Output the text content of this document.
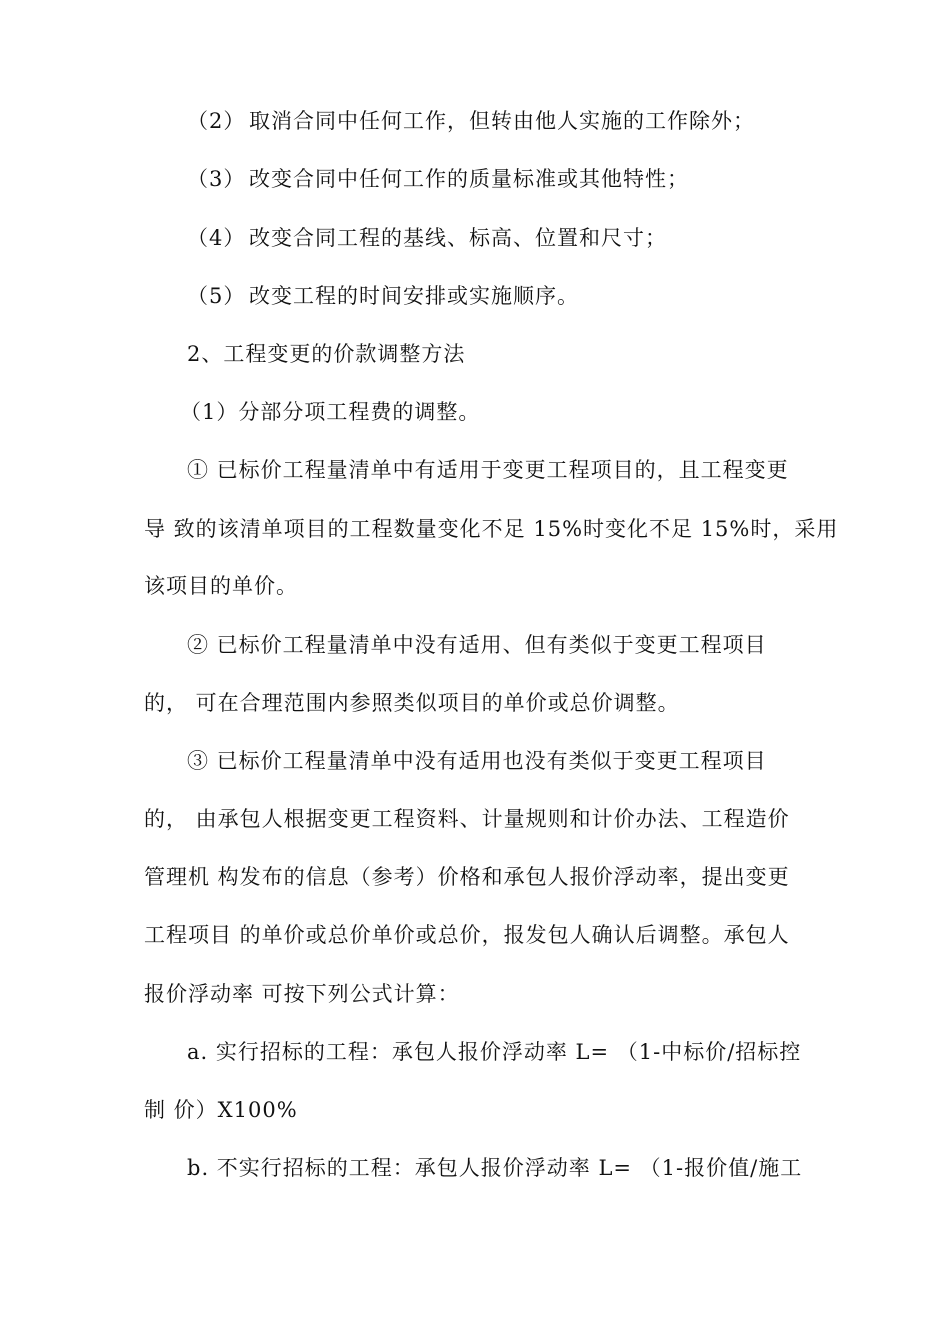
（2） 取消合同中任何工作，但转由他人实施的工作除外；
（3） 改变合同中任何工作的质量标准或其他特性；
（4） 改变合同工程的基线、标高、位置和尺寸；
（5） 改变工程的时间安排或实施顺序。
2、工程变更的价款调整方法
（1）分部分项工程费的调整。
① 已标价工程量清单中有适用于变更工程项目的，且工程变更
导 致的该清单项目的工程数量变化不足 15%时变化不足 15%时，采用
该项目的单价。
② 已标价工程量清单中没有适用、但有类似于变更工程项目
的， 可在合理范围内参照类似项目的单价或总价调整。
③ 已标价工程量清单中没有适用也没有类似于变更工程项目
的， 由承包人根据变更工程资料、计量规则和计价办法、工程造价
管理机 构发布的信息（参考）价格和承包人报价浮动率，提出变更
工程项目 的单价或总价单价或总价，报发包人确认后调整。承包人
报价浮动率 可按下列公式计算：
a. 实行招标的工程：承包人报价浮动率 L= （1-中标价/招标控
制 价）X100%
b. 不实行招标的工程：承包人报价浮动率 L= （1-报价值/施工
